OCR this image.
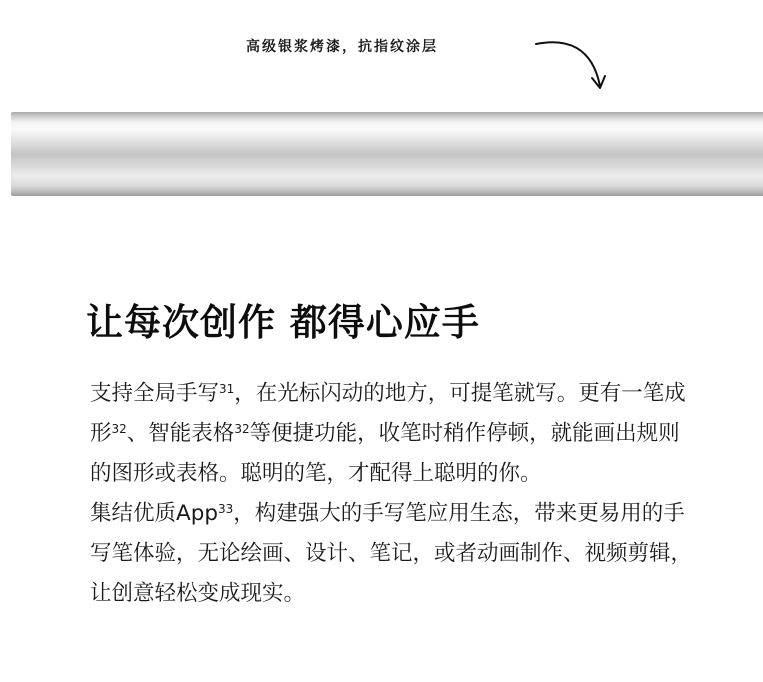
高级银浆烤漆，抗指纹涂层
让每次创作 都得心应手

支持全局手写$^{31}$，在光标闪动的地方，可提笔就写。更有一笔成形$^{32}$、智能表格$^{32}$等便捷功能，收笔时稍作停顿，就能画出规则的图形或表格。聪明的笔，才配得上聪明的你。

集结优质App$^{33}$，构建强大的手写笔应用生态，带来更易用的手写笔体验，无论绘画、设计、笔记，或者动画制作、视频剪辑，让创意轻松变成现实。
